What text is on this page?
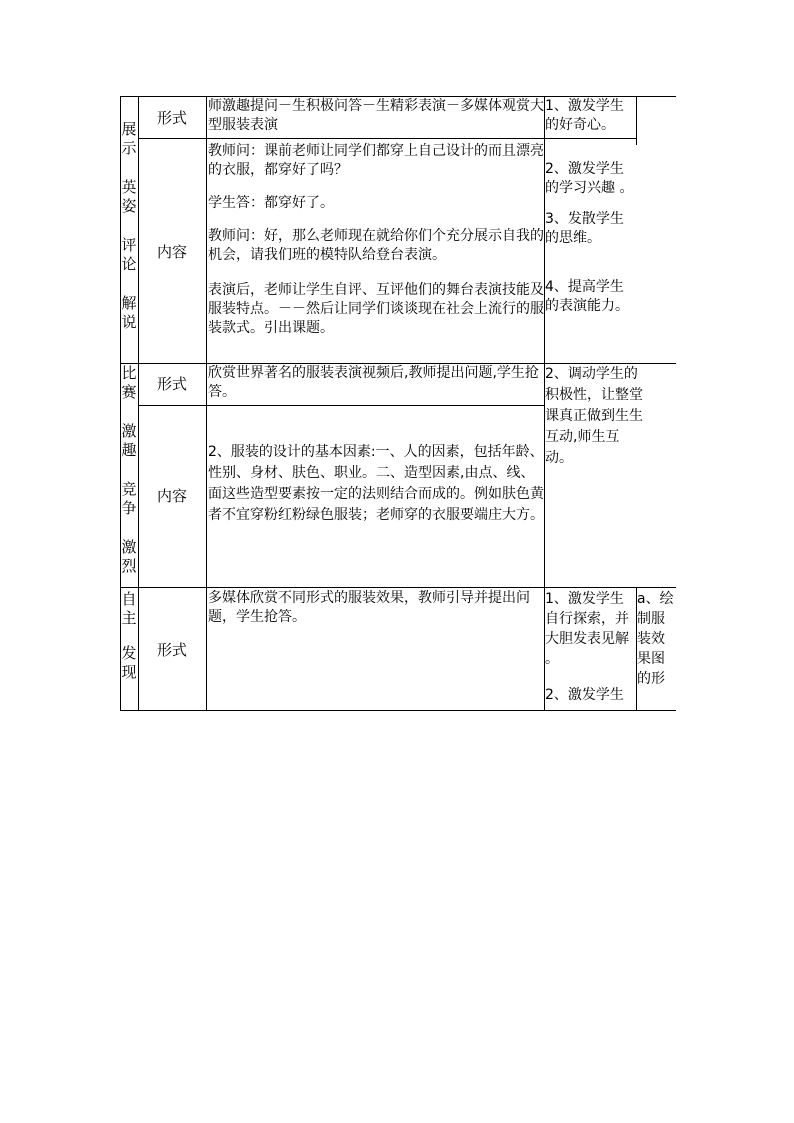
展
示
英
姿
评
论
解
说
形式

师激趣提问－生积极问答－生精彩表演－多媒体观赏大型服装表演

1、激发学生的好奇心。

内容

教师问：课前老师让同学们都穿上自己设计的而且漂亮的衣服，都穿好了吗？

学生答：都穿好了。

教师问：好，那么老师现在就给你们个充分展示自我的机会，请我们班的模特队给登台表演。

表演后，老师让学生自评、互评他们的舞台表演技能及服装特点。－－然后让同学们谈谈现在社会上流行的服装款式。引出课题。

2、激发学生的学习兴趣 。

3、发散学生的思维。

4、提高学生的表演能力。

比
赛
激
趣
竞
争
激
烈
形式

欣赏世界著名的服装表演视频后,教师提出问题,学生抢答。

2、调动学生的积极性，让整堂课真正做到生生互动,师生互动。

内容

2、服装的设计的基本因素:一、人的因素，包括年龄、性别、身材、肤色、职业。二、造型因素,由点、线、面这些造型要素按一定的法则结合而成的。例如肤色黄者不宜穿粉红粉绿色服装；老师穿的衣服要端庄大方。

自
主
发
现
形式

多媒体欣赏不同形式的服装效果，教师引导并提出问题，学生抢答。

1、激发学生自行探索，并大胆发表见解 。

2、激发学生

a、绘制服装效果图的形
